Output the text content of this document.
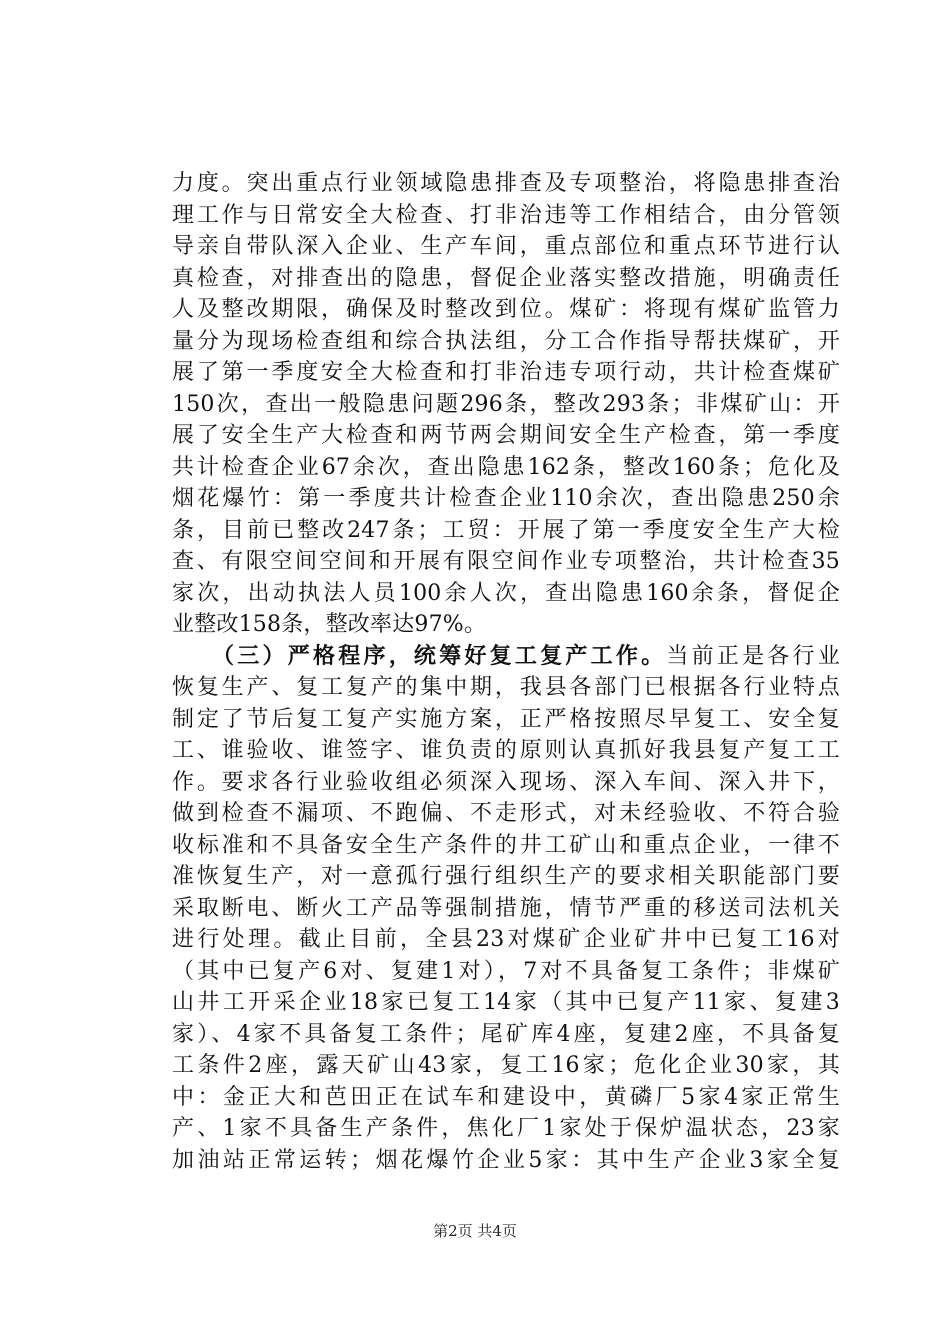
力度。突出重点行业领域隐患排查及专项整治，将隐患排查治
理工作与日常安全大检查、打非治违等工作相结合，由分管领
导亲自带队深入企业、生产车间，重点部位和重点环节进行认
真检查，对排查出的隐患，督促企业落实整改措施，明确责任
人及整改期限，确保及时整改到位。煤矿：将现有煤矿监管力
量分为现场检查组和综合执法组，分工合作指导帮扶煤矿，开
展了第一季度安全大检查和打非治违专项行动，共计检查煤矿
150次，查出一般隐患问题296条，整改293条；非煤矿山：开
展了安全生产大检查和两节两会期间安全生产检查，第一季度
共计检查企业67余次，查出隐患162条，整改160条；危化及
烟花爆竹：第一季度共计检查企业110余次，查出隐患250余
条，目前已整改247条；工贸：开展了第一季度安全生产大检
查、有限空间空间和开展有限空间作业专项整治，共计检查35
家次，出动执法人员100余人次，查出隐患160余条，督促企
业整改158条，整改率达97%。
（三）严格程序，统筹好复工复产工作。当前正是各行业
恢复生产、复工复产的集中期，我县各部门已根据各行业特点
制定了节后复工复产实施方案，正严格按照尽早复工、安全复
工、谁验收、谁签字、谁负责的原则认真抓好我县复产复工工
作。要求各行业验收组必须深入现场、深入车间、深入井下，
做到检查不漏项、不跑偏、不走形式，对未经验收、不符合验
收标准和不具备安全生产条件的井工矿山和重点企业，一律不
准恢复生产，对一意孤行强行组织生产的要求相关职能部门要
采取断电、断火工产品等强制措施，情节严重的移送司法机关
进行处理。截止目前，全县23对煤矿企业矿井中已复工16对
（其中已复产6对、复建1对），7对不具备复工条件；非煤矿
山井工开采企业18家已复工14家（其中已复产11家、复建3
家）、4家不具备复工条件；尾矿库4座，复建2座，不具备复
工条件2座，露天矿山43家，复工16家；危化企业30家，其
中：金正大和芭田正在试车和建设中，黄磷厂5家4家正常生
产、1家不具备生产条件，焦化厂1家处于保炉温状态，23家
加油站正常运转；烟花爆竹企业5家：其中生产企业3家全复
第2页 共4页
